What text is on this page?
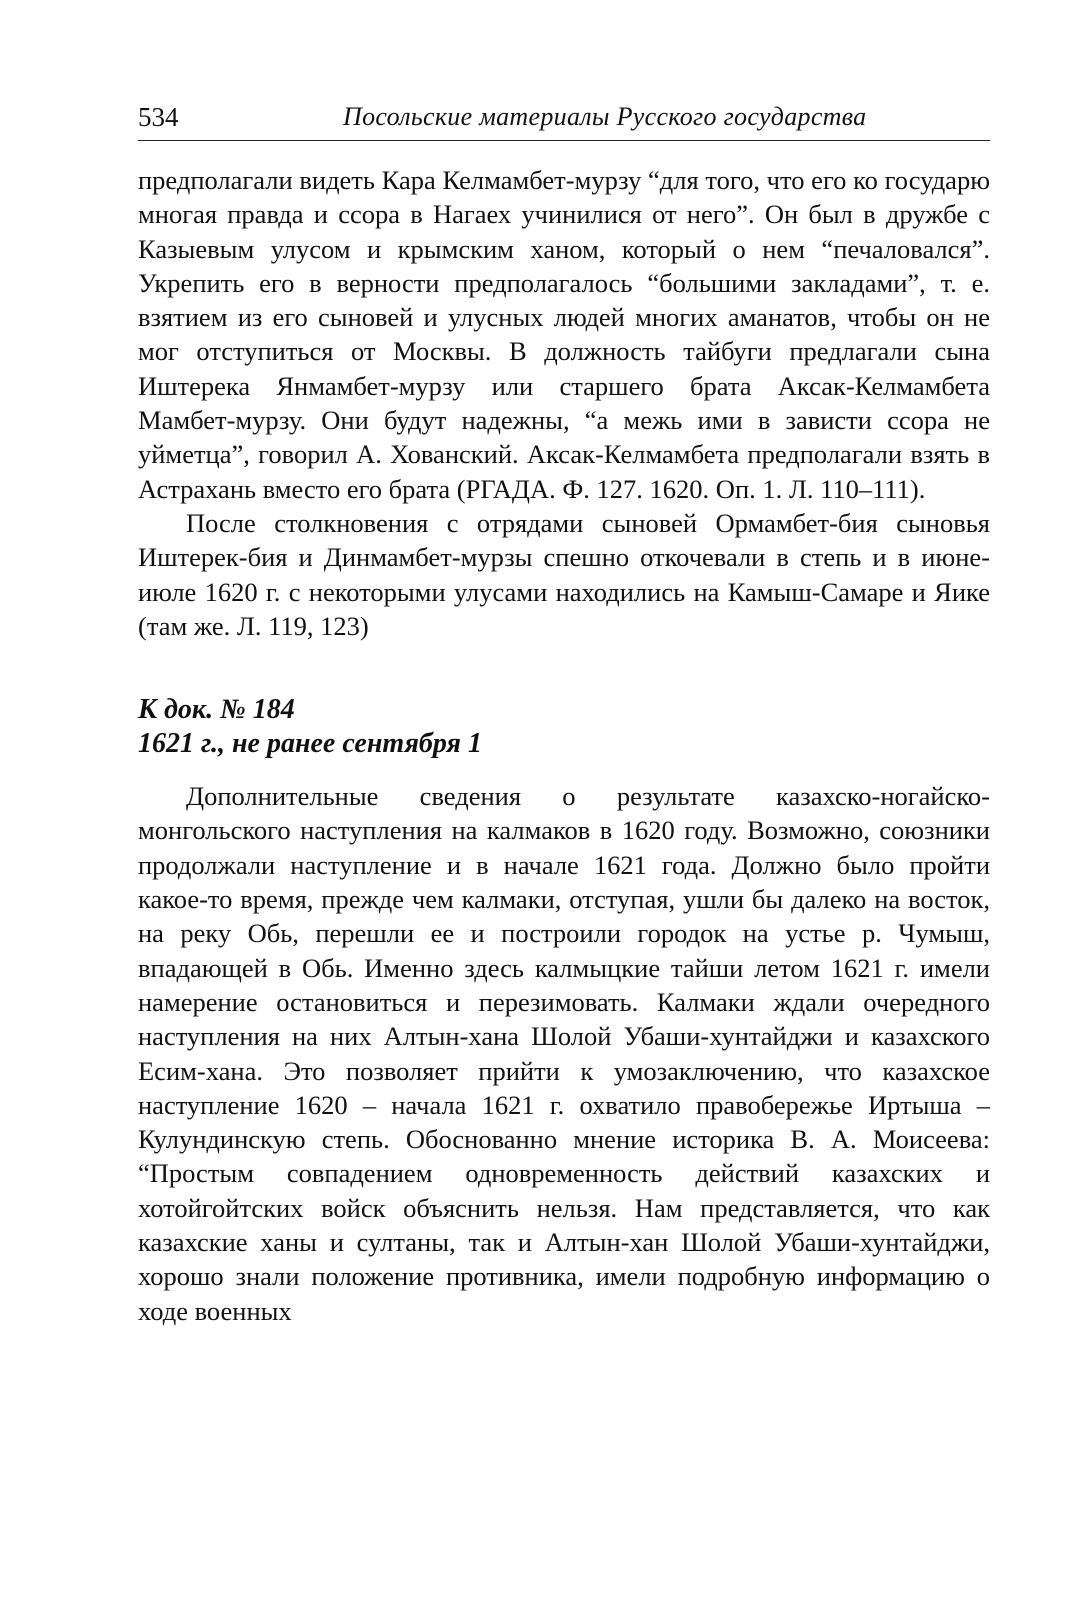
534	Посольские материалы Русского государства

предполагали видеть Кара Келмамбет-мурзу “для того, что его ко государю многая правда и ссора в Нагаех учинилися от него”. Он был в дружбе с Казыевым улусом и крымским ханом, который о нем “печаловался”. Укрепить его в верности предполагалось “большими закладами”, т. е. взятием из его сыновей и улусных людей многих аманатов, чтобы он не мог отступиться от Москвы. В должность тайбуги предлагали сына Иштерека Янмамбет-мурзу или старшего брата Аксак-Келмамбета Мамбет-мурзу. Они будут надежны, “а межь ими в зависти ссора не уйметца”, говорил А. Хованский. Аксак-Келмамбета предполагали взять в Астрахань вместо его брата (РГАДА. Ф. 127. 1620. Оп. 1. Л. 110–111).

После столкновения с отрядами сыновей Ормамбет-бия сыновья Иштерек-бия и Динмамбет-мурзы спешно откочевали в степь и в июне-июле 1620 г. с некоторыми улусами находились на Камыш-Самаре и Яике (там же. Л. 119, 123)

К док. № 184
1621 г., не ранее сентября 1

Дополнительные сведения о результате казахско-ногайско-монгольского наступления на калмаков в 1620 году. Возможно, союзники продолжали наступление и в начале 1621 года. Должно было пройти какое-то время, прежде чем калмаки, отступая, ушли бы далеко на восток, на реку Обь, перешли ее и построили городок на устье р. Чумыш, впадающей в Обь. Именно здесь калмыцкие тайши летом 1621 г. имели намерение остановиться и перезимовать. Калмаки ждали очередного наступления на них Алтын-хана Шолой Убаши-хунтайджи и казахского Есим-хана. Это позволяет прийти к умозаключению, что казахское наступление 1620 – начала 1621 г. охватило правобережье Иртыша – Кулундинскую степь. Обоснованно мнение историка В. А. Моисеева: “Простым совпадением одновременность действий казахских и хотойгойтских войск объяснить нельзя. Нам представляется, что как казахские ханы и султаны, так и Алтын-хан Шолой Убаши-хунтайджи, хорошо знали положение противника, имели подробную информацию о ходе военных
